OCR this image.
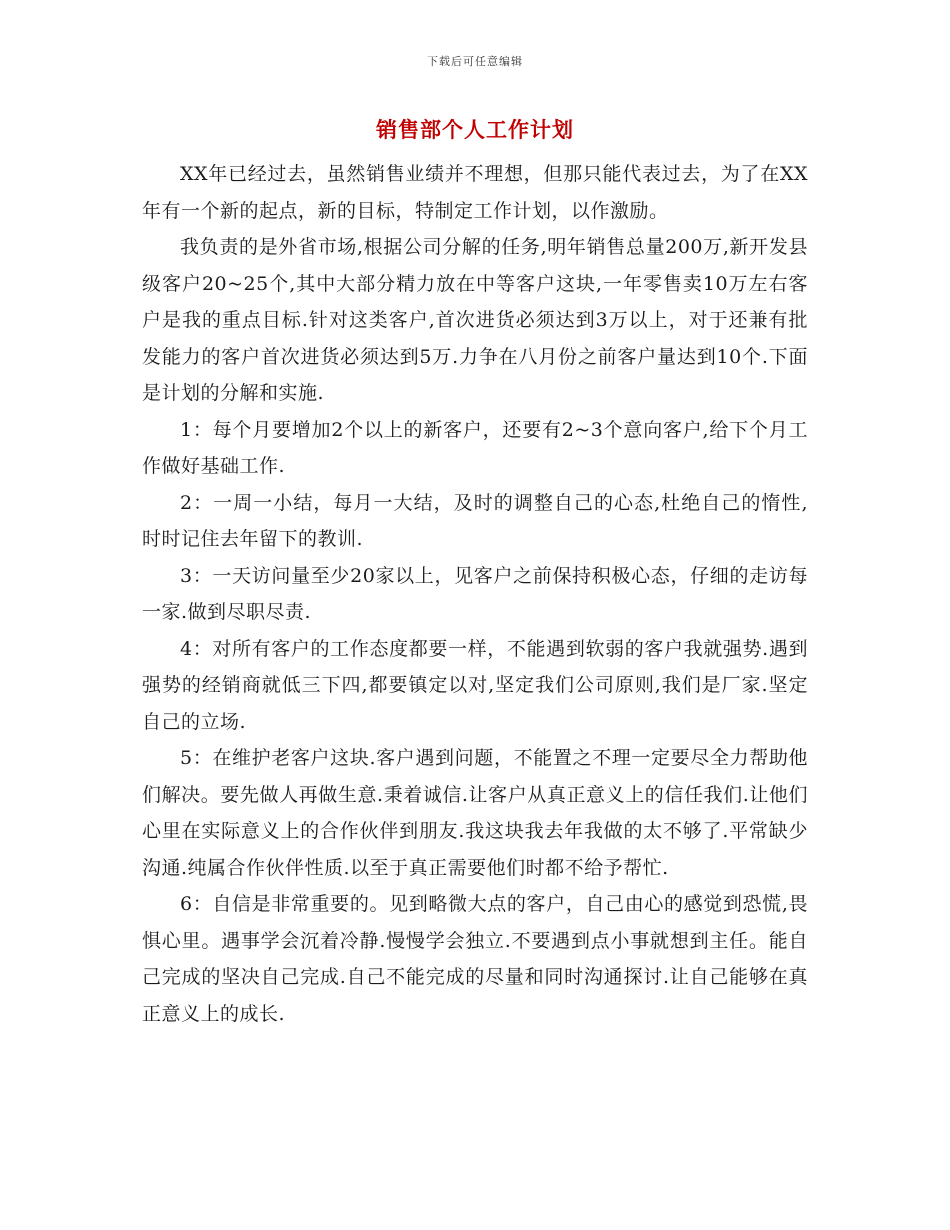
下载后可任意编辑
销售部个人工作计划

XX年已经过去，虽然销售业绩并不理想，但那只能代表过去，为了在XX年有一个新的起点，新的目标，特制定工作计划，以作激励。

我负责的是外省市场,根据公司分解的任务,明年销售总量200万,新开发县级客户20~25个,其中大部分精力放在中等客户这块,一年零售卖10万左右客户是我的重点目标.针对这类客户,首次进货必须达到3万以上，对于还兼有批发能力的客户首次进货必须达到5万.力争在八月份之前客户量达到10个.下面是计划的分解和实施.

1：每个月要增加2个以上的新客户，还要有2~3个意向客户,给下个月工作做好基础工作.

2：一周一小结，每月一大结，及时的调整自己的心态,杜绝自己的惰性,时时记住去年留下的教训.

3：一天访问量至少20家以上，见客户之前保持积极心态，仔细的走访每一家.做到尽职尽责.

4：对所有客户的工作态度都要一样，不能遇到软弱的客户我就强势.遇到强势的经销商就低三下四,都要镇定以对,坚定我们公司原则,我们是厂家.坚定自己的立场.

5：在维护老客户这块.客户遇到问题，不能置之不理一定要尽全力帮助他们解决。要先做人再做生意.秉着诚信.让客户从真正意义上的信任我们.让他们心里在实际意义上的合作伙伴到朋友.我这块我去年我做的太不够了.平常缺少沟通.纯属合作伙伴性质.以至于真正需要他们时都不给予帮忙.

6：自信是非常重要的。见到略微大点的客户，自己由心的感觉到恐慌,畏惧心里。遇事学会沉着冷静.慢慢学会独立.不要遇到点小事就想到主任。能自己完成的坚决自己完成.自己不能完成的尽量和同时沟通探讨.让自己能够在真正意义上的成长.
